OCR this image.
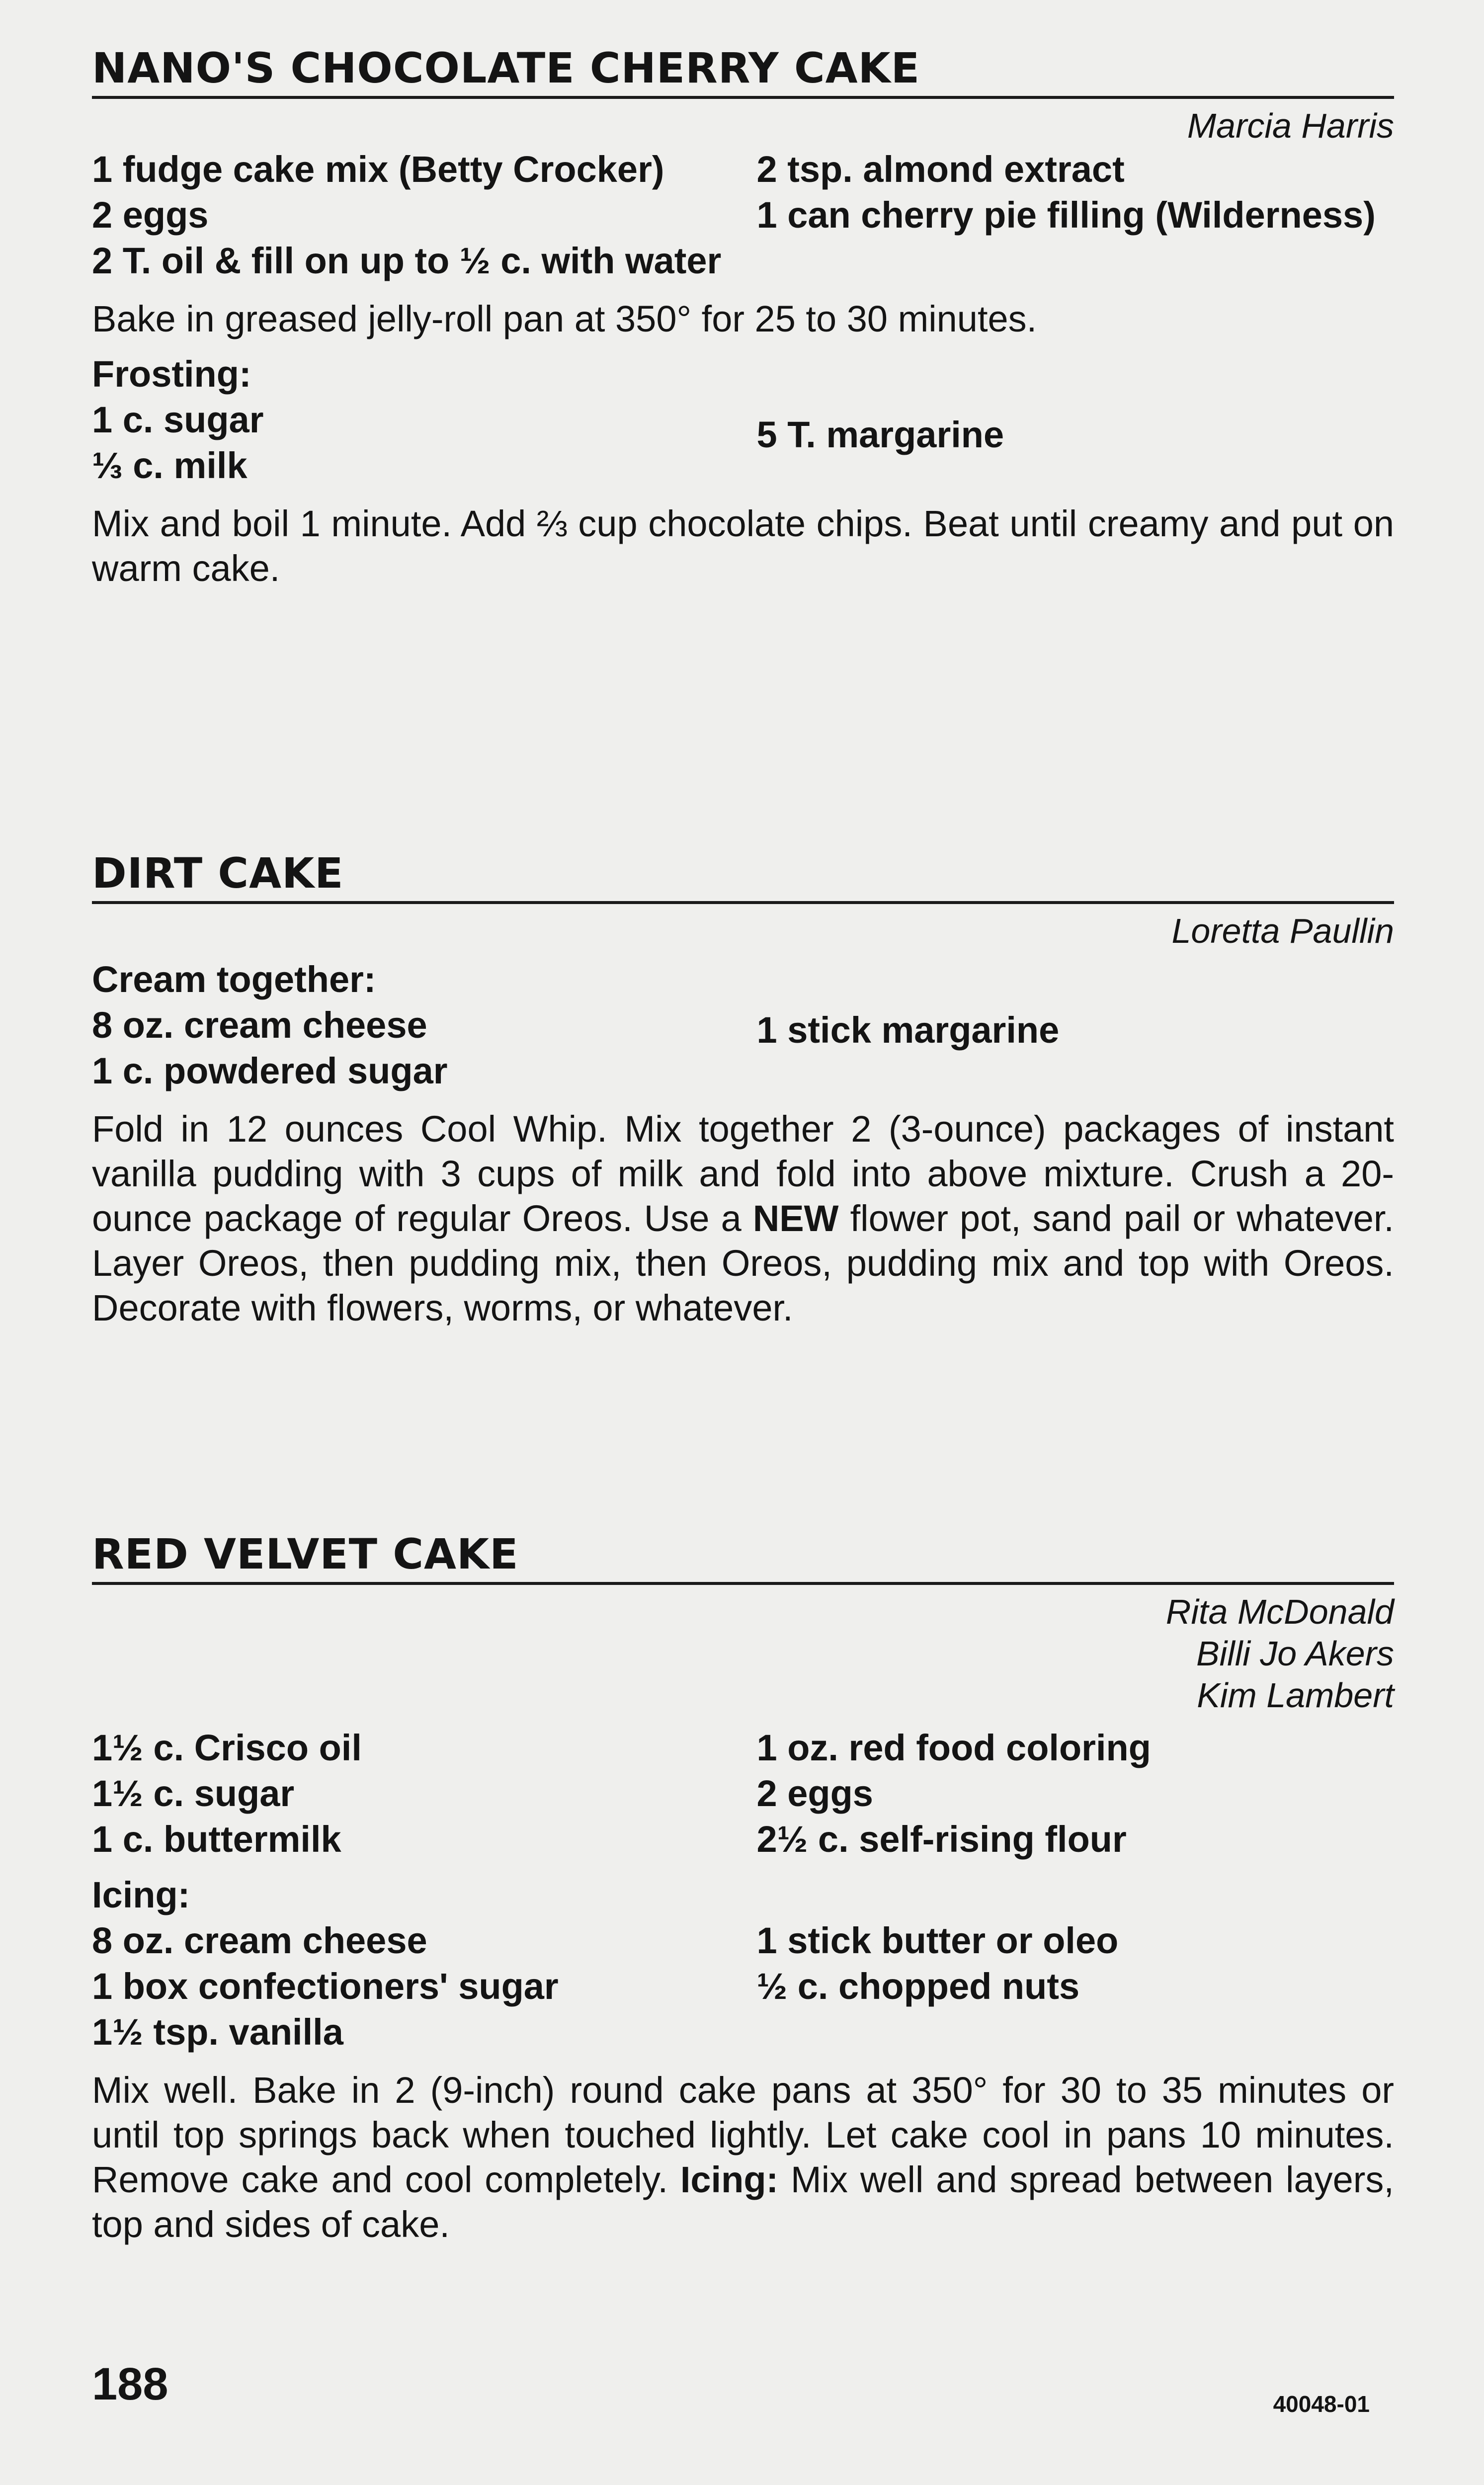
NANO'S CHOCOLATE CHERRY CAKE
Marcia Harris
1 fudge cake mix (Betty Crocker)
2 eggs
2 T. oil & fill on up to ½ c. with water
2 tsp. almond extract
1 can cherry pie filling (Wilderness)
Bake in greased jelly-roll pan at 350° for 25 to 30 minutes.
Frosting:
1 c. sugar
⅓ c. milk
5 T. margarine
Mix and boil 1 minute. Add ⅔ cup chocolate chips. Beat until creamy and put on warm cake.
DIRT CAKE
Loretta Paullin
Cream together:
8 oz. cream cheese
1 c. powdered sugar
1 stick margarine
Fold in 12 ounces Cool Whip. Mix together 2 (3-ounce) packages of instant vanilla pudding with 3 cups of milk and fold into above mixture. Crush a 20-ounce package of regular Oreos. Use a NEW flower pot, sand pail or whatever. Layer Oreos, then pudding mix, then Oreos, pudding mix and top with Oreos. Decorate with flowers, worms, or whatever.
RED VELVET CAKE
Rita McDonald
Billi Jo Akers
Kim Lambert
1½ c. Crisco oil
1½ c. sugar
1 c. buttermilk
1 oz. red food coloring
2 eggs
2½ c. self-rising flour
Icing:
8 oz. cream cheese
1 box confectioners' sugar
1½ tsp. vanilla
1 stick butter or oleo
½ c. chopped nuts
Mix well. Bake in 2 (9-inch) round cake pans at 350° for 30 to 35 minutes or until top springs back when touched lightly. Let cake cool in pans 10 minutes. Remove cake and cool completely. Icing: Mix well and spread between layers, top and sides of cake.
188	40048-01
